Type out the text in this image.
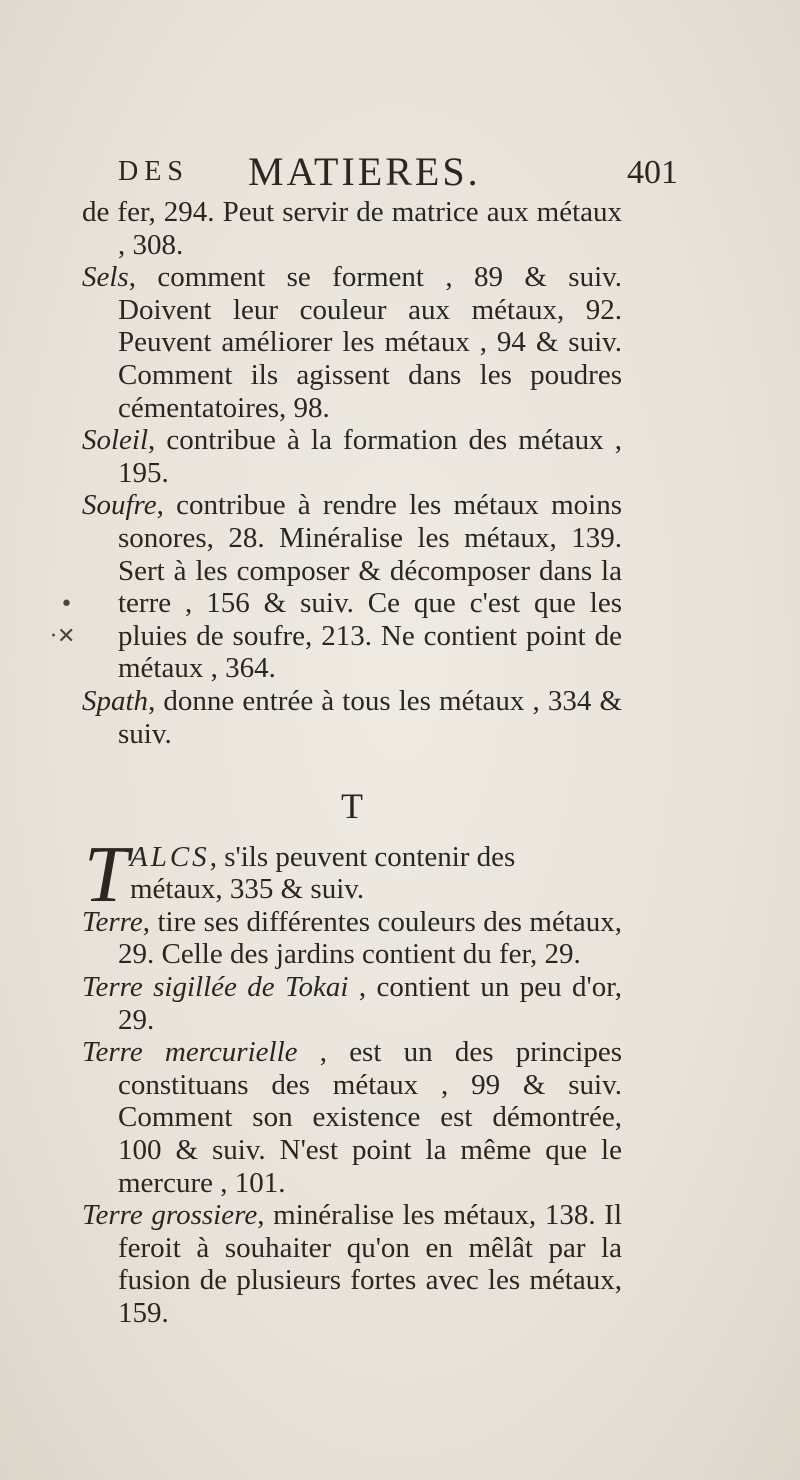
DES MATIERES.	401
•
·✕

de fer, 294. Peut servir de matrice aux métaux , 308.

Sels, comment se forment , 89 & suiv. Doivent leur couleur aux métaux, 92. Peuvent améliorer les métaux , 94 & suiv. Comment ils agissent dans les poudres cémentatoires, 98.

Soleil, contribue à la formation des métaux , 195.

Soufre, contribue à rendre les métaux moins sonores, 28. Minéralise les métaux, 139. Sert à les composer & décomposer dans la terre , 156 & suiv. Ce que c'est que les pluies de soufre, 213. Ne contient point de métaux , 364.

Spath, donne entrée à tous les métaux , 334 & suiv.

T

T ALCS, s'ils peuvent contenir des
métaux, 335 & suiv.

Terre, tire ses différentes couleurs des métaux, 29. Celle des jardins contient du fer, 29.

Terre sigillée de Tokai , contient un peu d'or, 29.

Terre mercurielle , est un des principes constituans des métaux , 99 & suiv. Comment son existence est démontrée, 100 & suiv. N'est point la même que le mercure , 101.

Terre grossiere, minéralise les métaux, 138. Il feroit à souhaiter qu'on en mêlât par la fusion de plusieurs fortes avec les métaux, 159.
